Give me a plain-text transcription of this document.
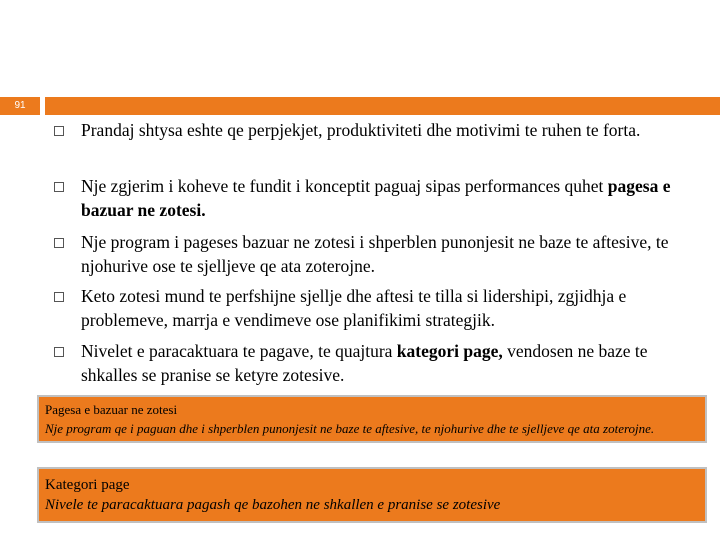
91
Prandaj shtysa eshte qe perpjekjet, produktiviteti dhe motivimi te ruhen te forta.
Nje zgjerim i koheve te fundit i konceptit paguaj sipas performances quhet pagesa e bazuar ne zotesi.
Nje program i pageses bazuar ne zotesi i shperblen punonjesit ne baze te aftesive, te njohurive ose te sjelljeve qe ata zoterojne.
Keto zotesi mund te perfshijne sjellje dhe aftesi te tilla si lidershipi, zgjidhja e problemeve, marrja e vendimeve ose planifikimi strategjik.
Nivelet e paracaktuara te pagave, te quajtura kategori page, vendosen ne baze te shkalles se pranise se ketyre zotesive.
Pagesa e bazuar ne zotesi
Nje program qe i paguan dhe i shperblen punonjesit ne baze te aftesive, te njohurive dhe te sjelljeve qe ata zoterojne.
Kategori page
Nivele te paracaktuara pagash qe bazohen ne shkallen e pranise se zotesive
